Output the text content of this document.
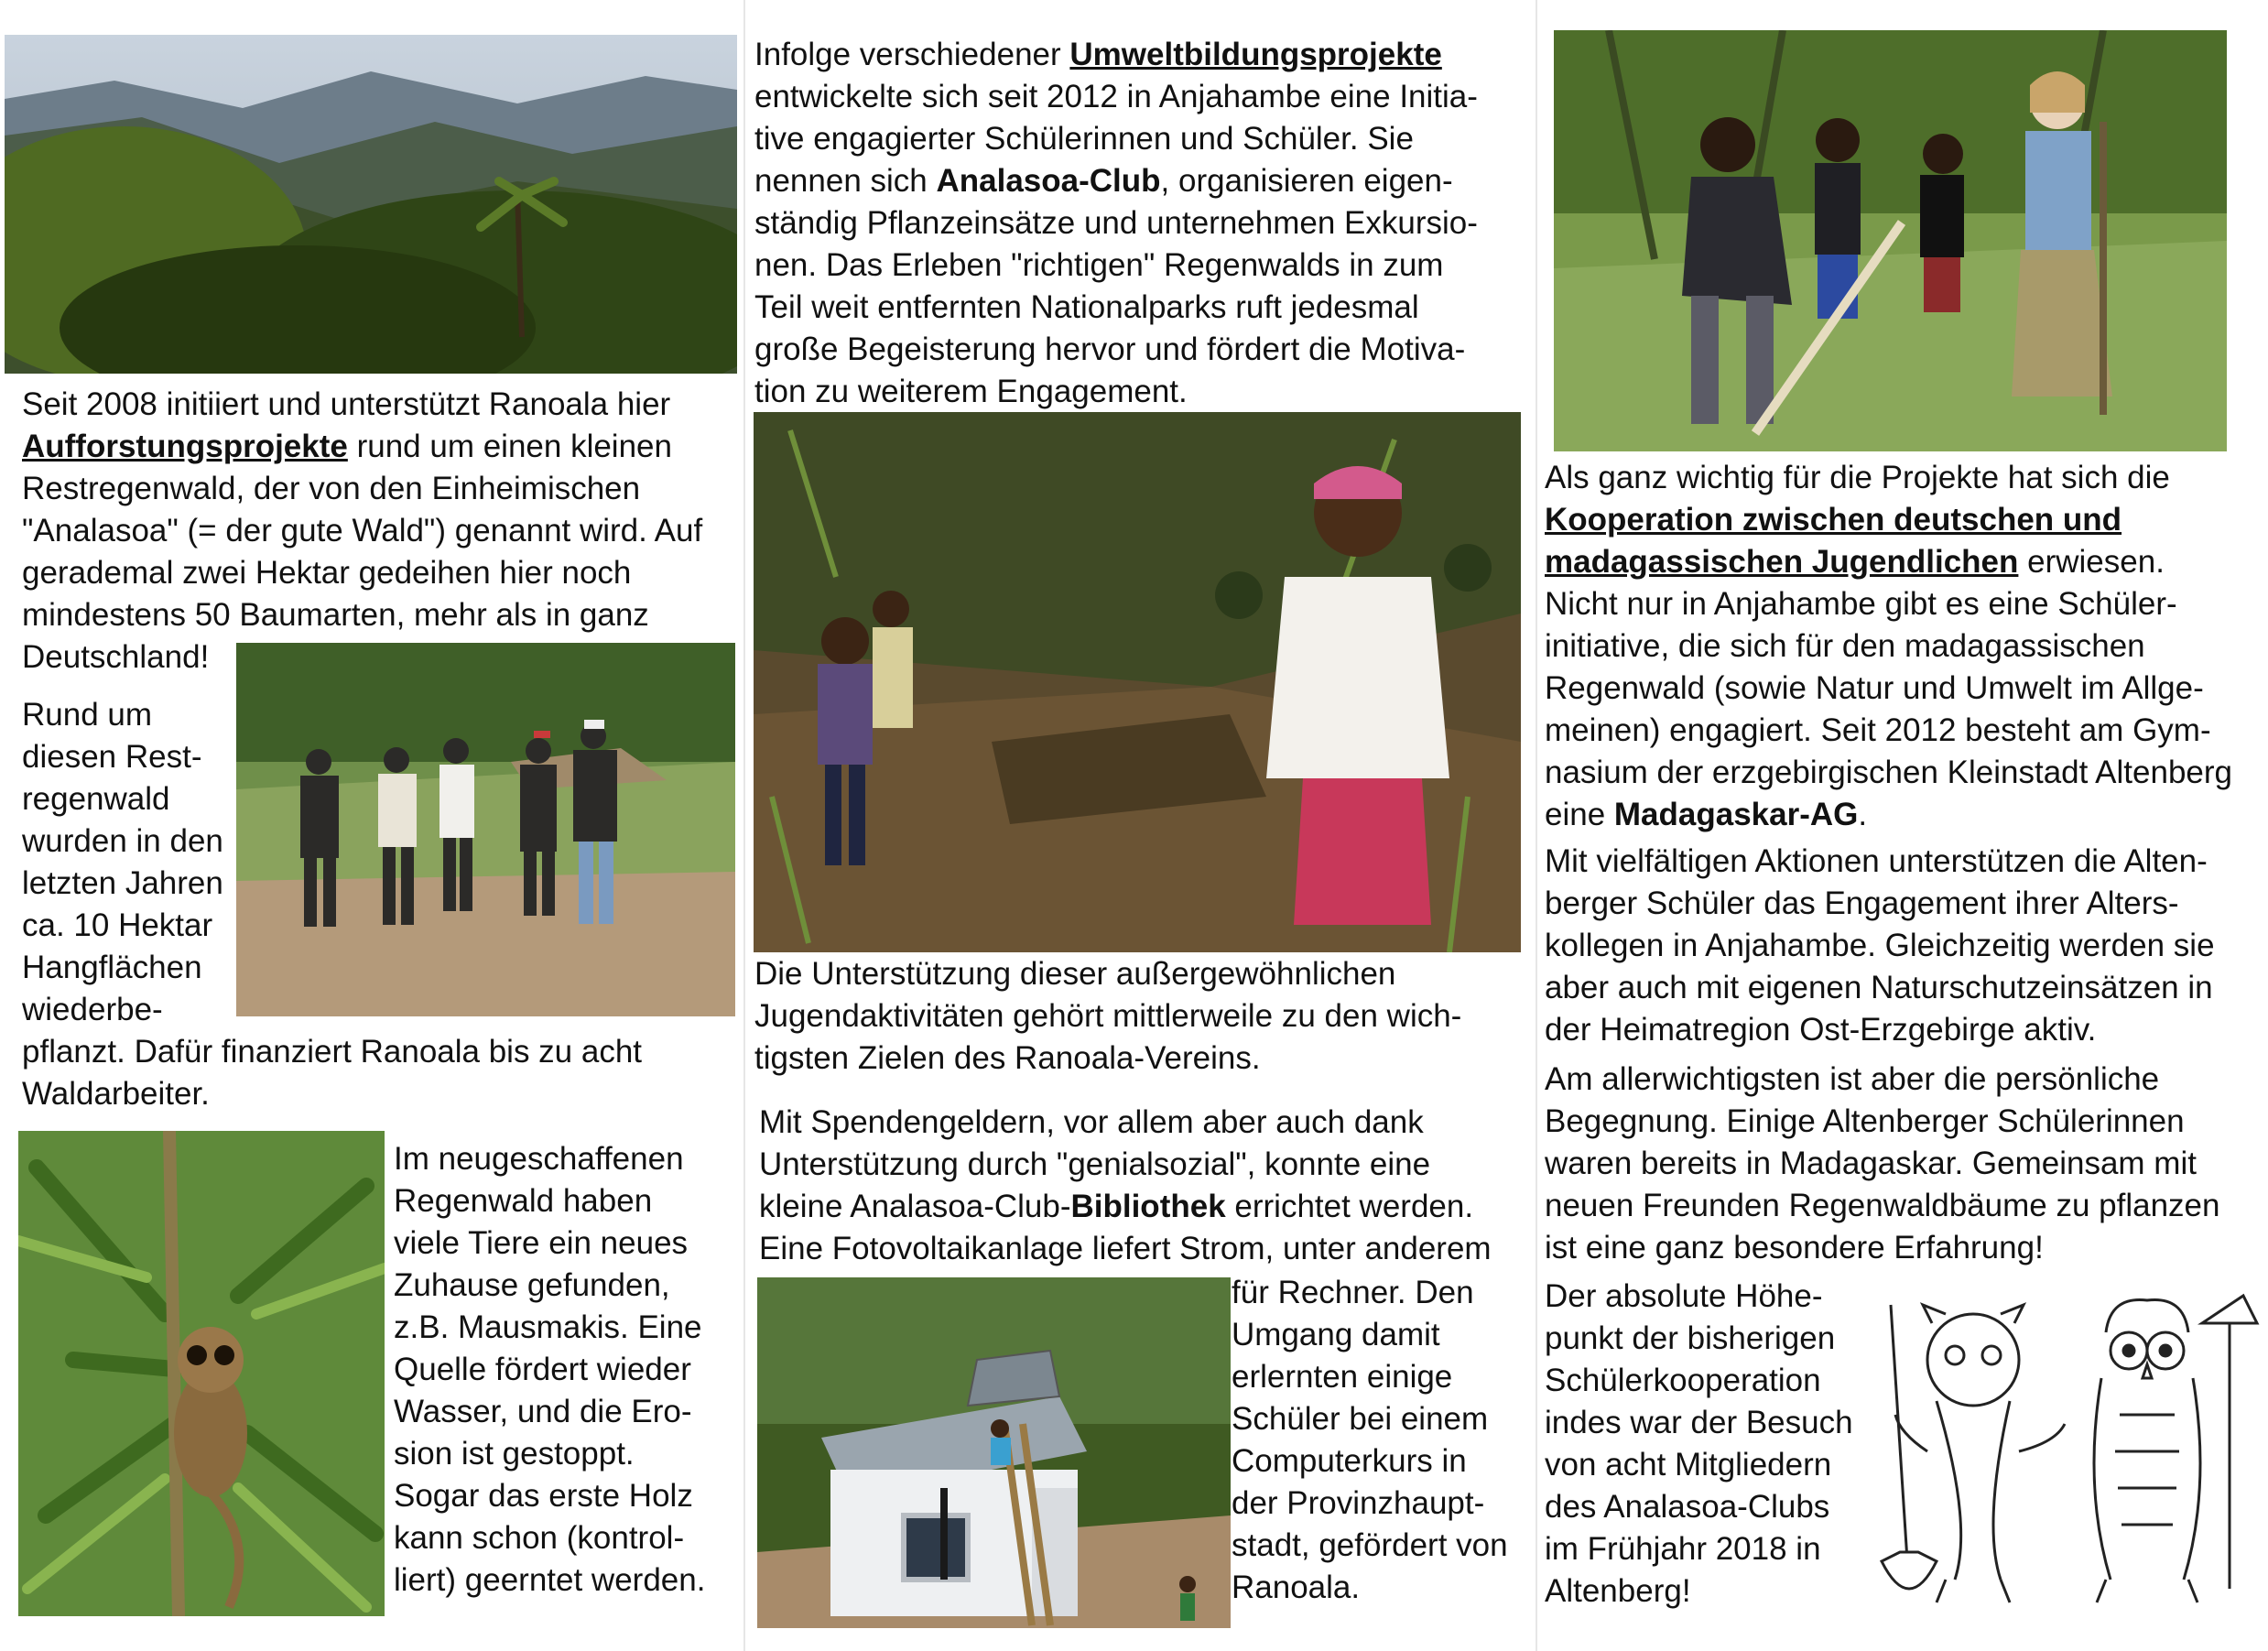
Seit 2008 initiiert und unterstützt Ranoala hier
Aufforstungsprojekte rund um einen kleinen
Restregenwald, der von den Einheimischen
"Analasoa" (= der gute Wald") genannt wird. Auf
gerademal zwei Hektar gedeihen hier noch
mindestens 50 Baumarten, mehr als in ganz
Deutschland!

Rund um
diesen Rest-
regenwald
wurden in den
letzten Jahren
ca. 10 Hektar
Hangflächen
wiederbe-

pflanzt. Dafür finanziert Ranoala bis zu acht
Waldarbeiter.

Im neugeschaffenen
Regenwald haben
viele Tiere ein neues
Zuhause gefunden,
z.B. Mausmakis. Eine
Quelle fördert wieder
Wasser, und die Ero-
sion ist gestoppt.
Sogar das erste Holz
kann schon (kontrol-
liert) geerntet werden.

Infolge verschiedener Umweltbildungsprojekte
entwickelte sich seit 2012 in Anjahambe eine Initia-
tive engagierter Schülerinnen und Schüler. Sie
nennen sich Analasoa-Club, organisieren eigen-
ständig Pflanzeinsätze und unternehmen Exkursio-
nen. Das Erleben "richtigen" Regenwalds in zum
Teil weit entfernten Nationalparks ruft jedesmal
große Begeisterung hervor und fördert die Motiva-
tion zu weiterem Engagement.

Die Unterstützung dieser außergewöhnlichen
Jugendaktivitäten gehört mittlerweile zu den wich-
tigsten Zielen des Ranoala-Vereins.

Mit Spendengeldern, vor allem aber auch dank
Unterstützung durch "genialsozial", konnte eine
kleine Analasoa-Club-Bibliothek errichtet werden.
Eine Fotovoltaikanlage liefert Strom, unter anderem

für Rechner. Den
Umgang damit
erlernten einige
Schüler bei einem
Computerkurs in
der Provinzhaupt-
stadt, gefördert von
Ranoala.

Als ganz wichtig für die Projekte hat sich die
Kooperation zwischen deutschen und
madagassischen Jugendlichen erwiesen.
Nicht nur in Anjahambe gibt es eine Schüler-
initiative, die sich für den madagassischen
Regenwald (sowie Natur und Umwelt im Allge-
meinen) engagiert. Seit 2012 besteht am Gym-
nasium der erzgebirgischen Kleinstadt Altenberg
eine Madagaskar-AG.

Mit vielfältigen Aktionen unterstützen die Alten-
berger Schüler das Engagement ihrer Alters-
kollegen in Anjahambe. Gleichzeitig werden sie
aber auch mit eigenen Naturschutzeinsätzen in
der Heimatregion Ost-Erzgebirge aktiv.

Am allerwichtigsten ist aber die persönliche
Begegnung. Einige Altenberger Schülerinnen
waren bereits in Madagaskar. Gemeinsam mit
neuen Freunden Regenwaldbäume zu pflanzen
ist eine ganz besondere Erfahrung!

Der absolute Höhe-
punkt der bisherigen
Schülerkooperation
indes war der Besuch
von acht Mitgliedern
des Analasoa-Clubs
im Frühjahr 2018 in
Altenberg!
